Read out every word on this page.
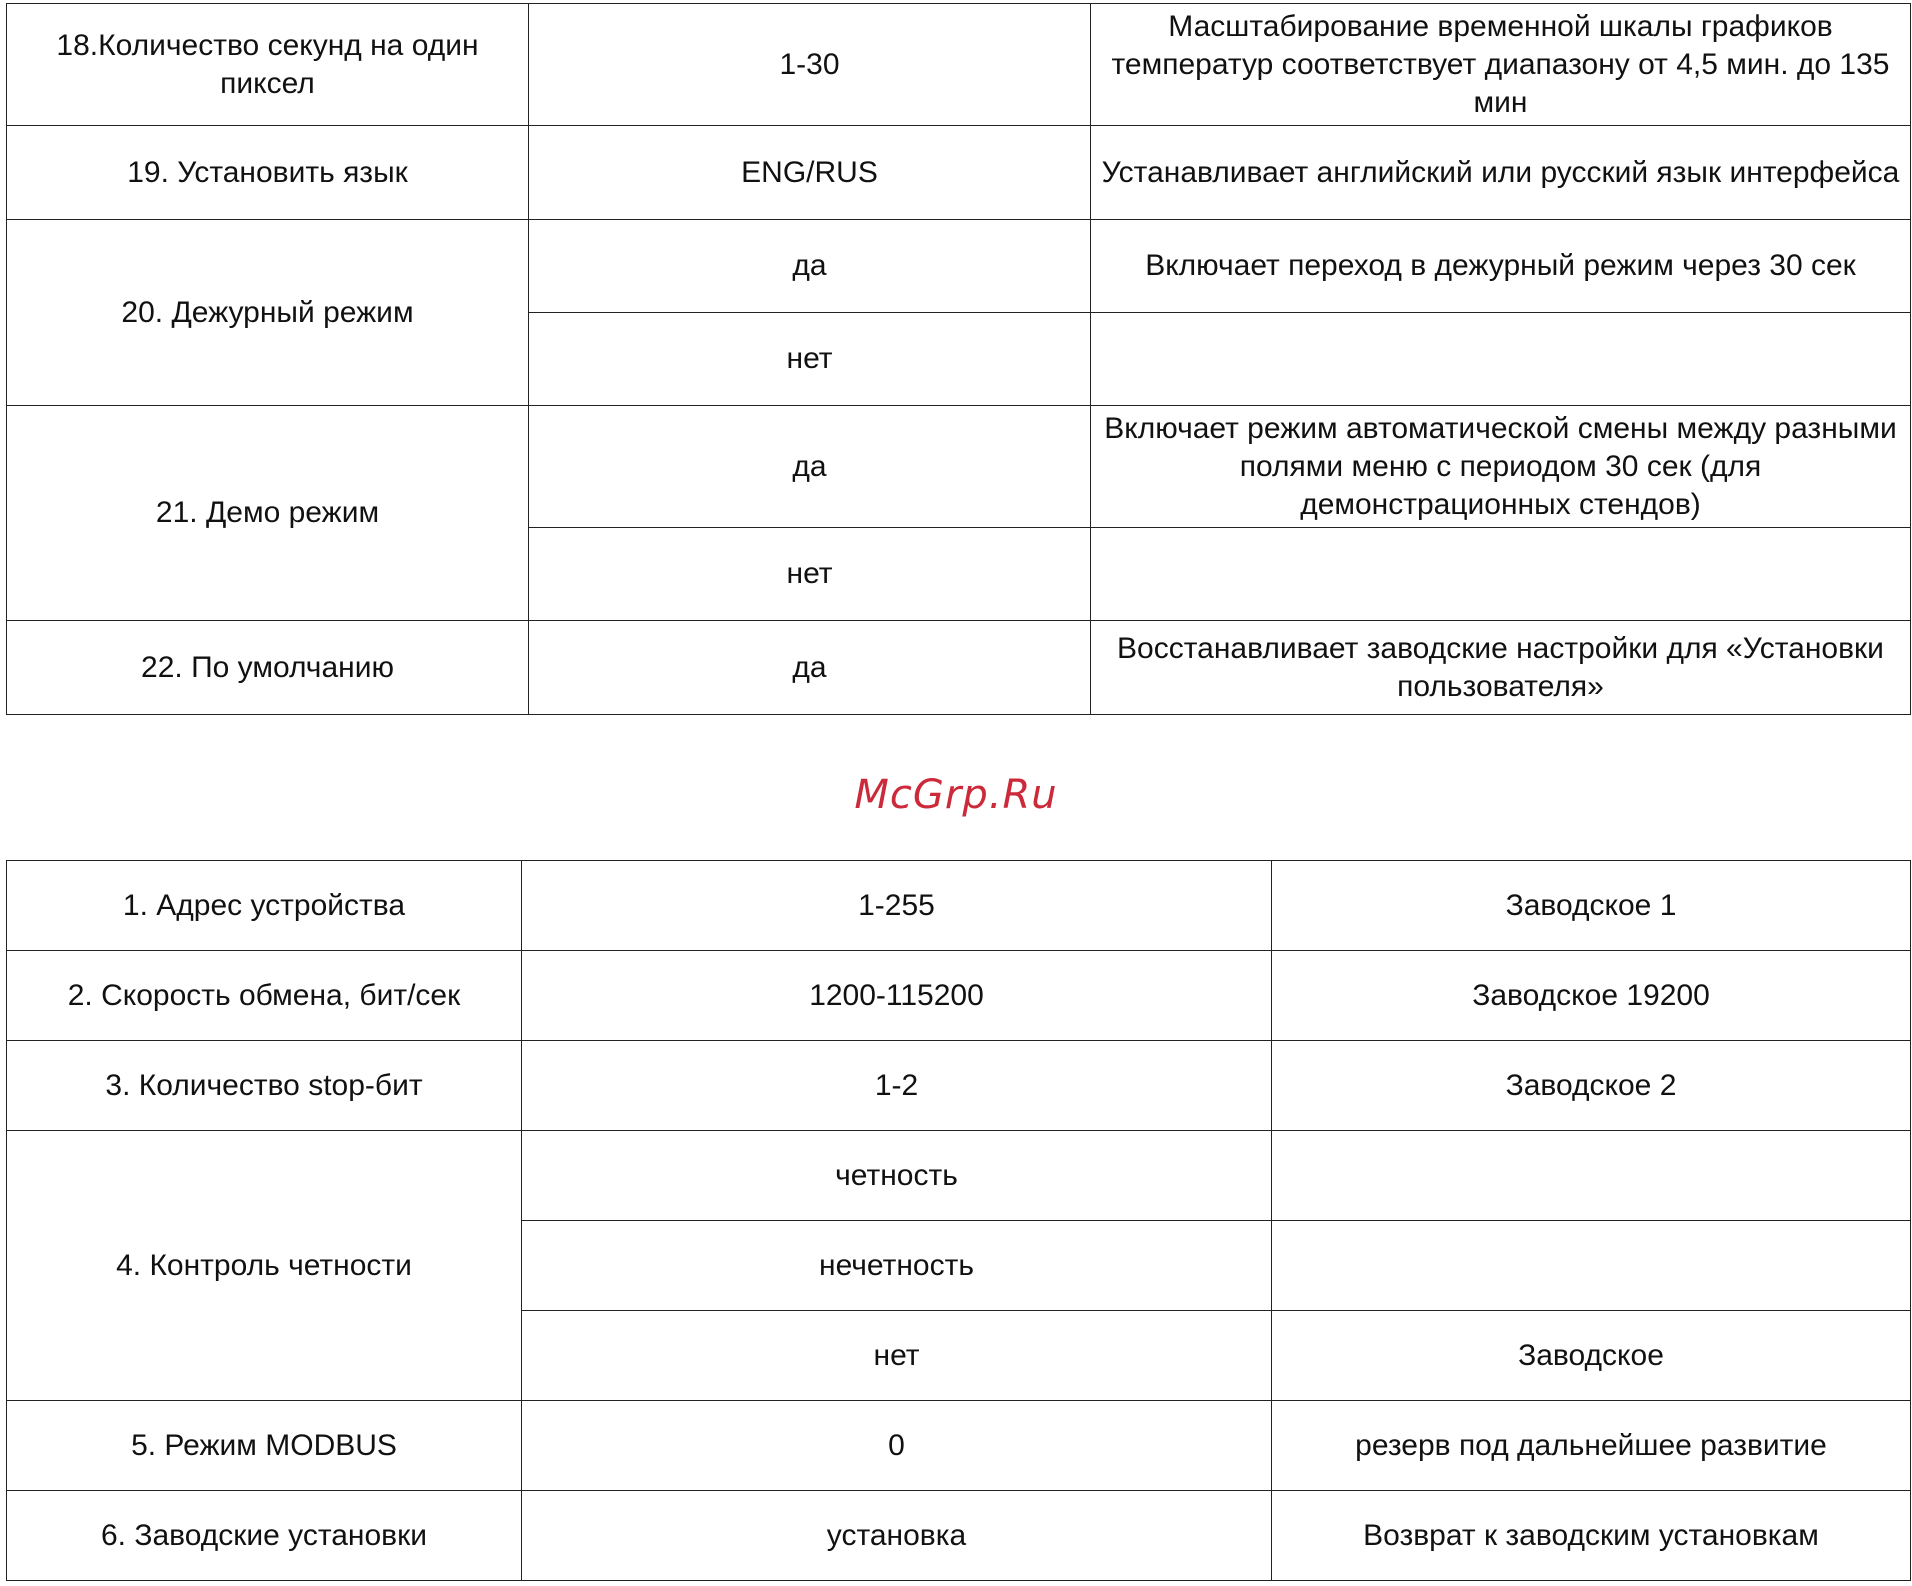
18.Количество секунд на один пиксел	1-30	Масштабирование временной шкалы графиков температур соответствует диапазону от 4,5 мин. до 135 мин
19. Установить язык	ENG/RUS	Устанавливает английский или русский язык интерфейса
20. Дежурный режим	да	Включает переход в дежурный режим через 30 сек
	нет	
21. Демо режим	да	Включает режим автоматической смены между разными полями меню с периодом 30 сек (для демонстрационных стендов)
	нет	
22. По умолчанию	да	Восстанавливает заводские настройки для «Установки пользователя»
McGrp.Ru
1. Адрес устройства	1-255	Заводское 1
2. Скорость обмена, бит/сек	1200-115200	Заводское 19200
3. Количество stop-бит	1-2	Заводское 2
4. Контроль четности	четность	
	нечетность	
	нет	Заводское
5. Режим MODBUS	0	резерв под дальнейшее развитие
6. Заводские установки	установка	Возврат к заводским установкам
